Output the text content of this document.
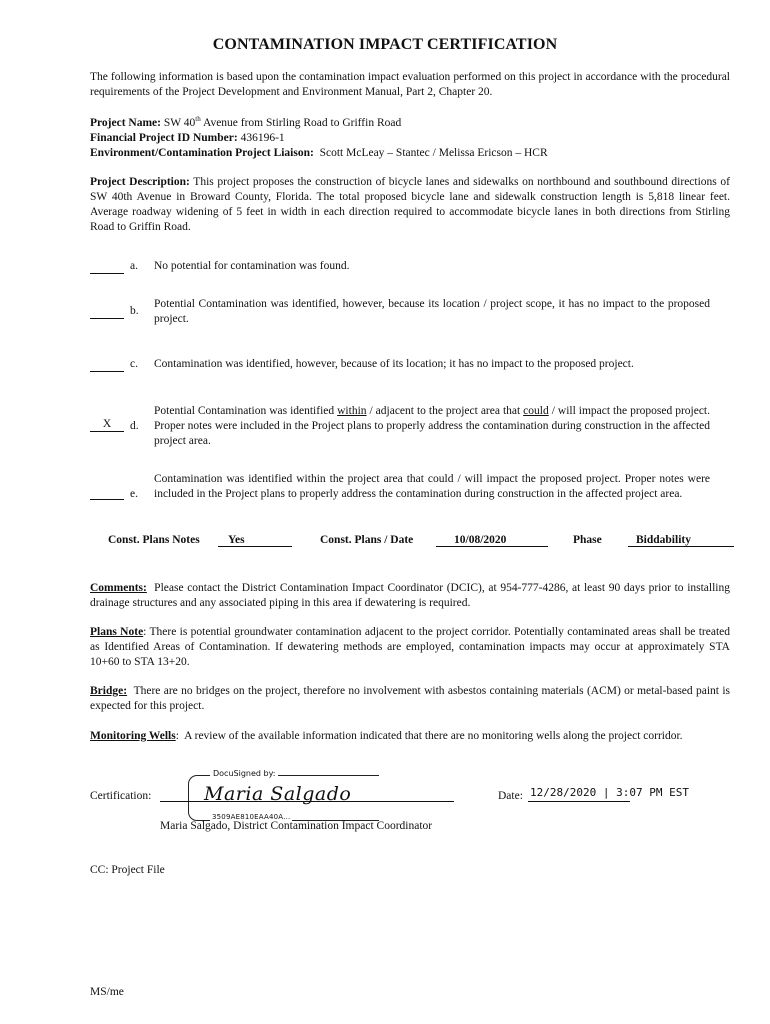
CONTAMINATION IMPACT CERTIFICATION
The following information is based upon the contamination impact evaluation performed on this project in accordance with the procedural requirements of the Project Development and Environment Manual, Part 2, Chapter 20.
Project Name: SW 40th Avenue from Stirling Road to Griffin Road
Financial Project ID Number: 436196-1
Environment/Contamination Project Liaison: Scott McLeay – Stantec / Melissa Ericson – HCR
Project Description: This project proposes the construction of bicycle lanes and sidewalks on northbound and southbound directions of SW 40th Avenue in Broward County, Florida. The total proposed bicycle lane and sidewalk construction length is 5,818 linear feet. Average roadway widening of 5 feet in width in each direction required to accommodate bicycle lanes in both directions from Stirling Road to Griffin Road.
a. No potential for contamination was found.
b.
Potential Contamination was identified, however, because its location / project scope, it has no impact to the proposed project.
c. Contamination was identified, however, because of its location; it has no impact to the proposed project.
X	d.
Potential Contamination was identified within / adjacent to the project area that could / will impact the proposed project. Proper notes were included in the Project plans to properly address the contamination during construction in the affected project area.
e.
Contamination was identified within the project area that could / will impact the proposed project. Proper notes were included in the Project plans to properly address the contamination during construction in the affected project area.
Const. Plans Notes	Yes	Const. Plans / Date	10/08/2020	Phase	Biddability
Comments: Please contact the District Contamination Impact Coordinator (DCIC), at 954-777-4286, at least 90 days prior to installing drainage structures and any associated piping in this area if dewatering is required.
Plans Note: There is potential groundwater contamination adjacent to the project corridor. Potentially contaminated areas shall be treated as Identified Areas of Contamination. If dewatering methods are employed, contamination impacts may occur at approximately STA 10+60 to STA 13+20.
Bridge: There are no bridges on the project, therefore no involvement with asbestos containing materials (ACM) or metal-based paint is expected for this project.
Monitoring Wells: A review of the available information indicated that there are no monitoring wells along the project corridor.
Certification:
DocuSigned by:
Maria Salgado
3509AE810EAA40A...
Date: 12/28/2020 | 3:07 PM EST
Maria Salgado, District Contamination Impact Coordinator
CC: Project File
MS/me
